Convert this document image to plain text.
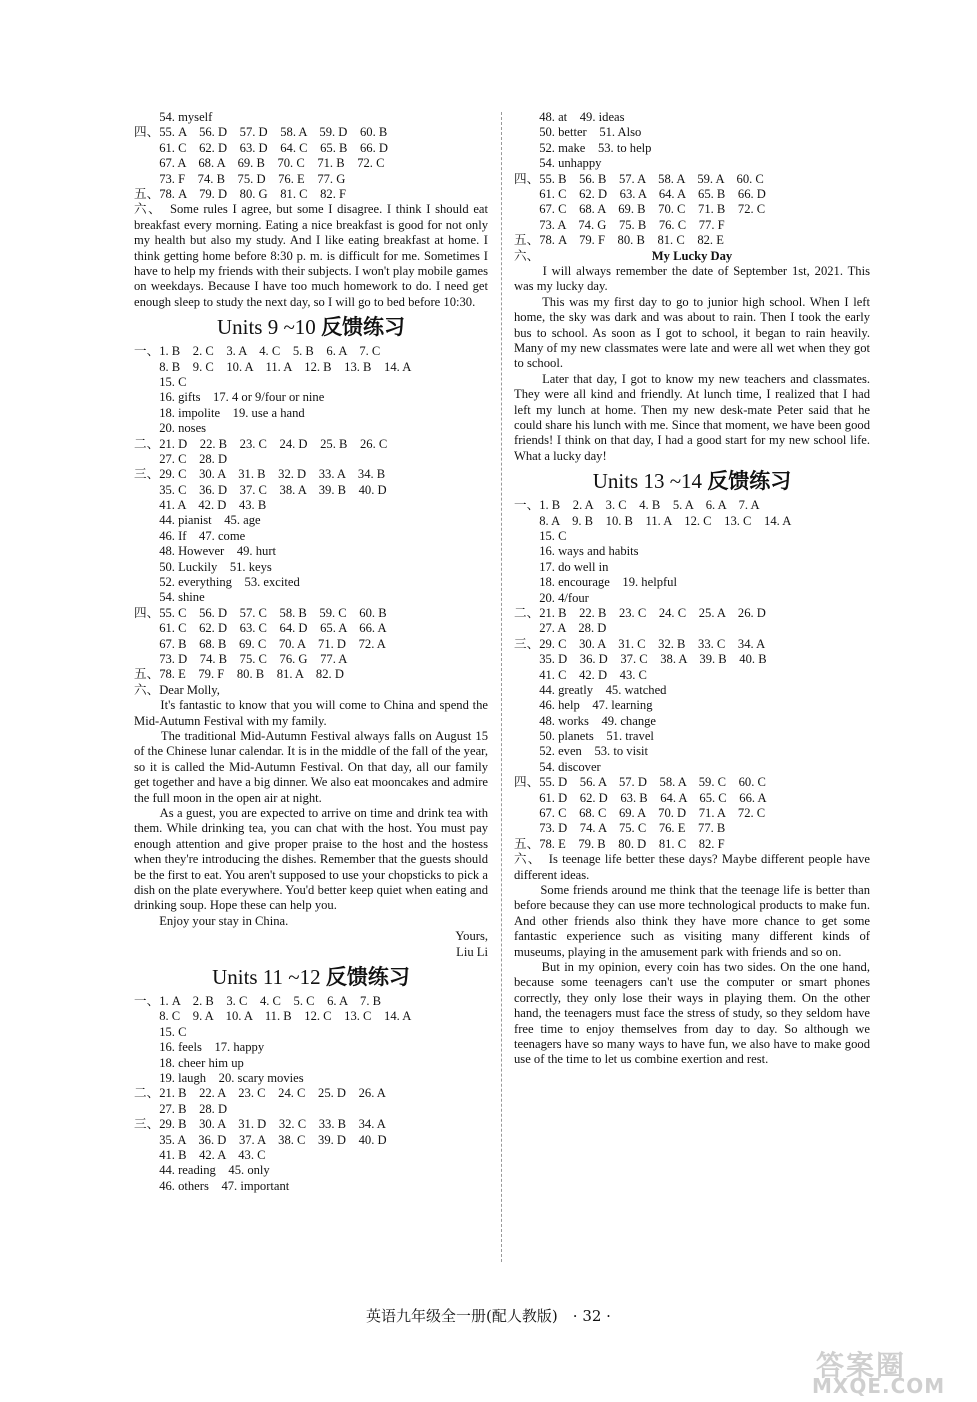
　　54. myself
四、55. A　56. D　57. D　58. A　59. D　60. B
　　61. C　62. D　63. D　64. C　65. B　66. D
　　67. A　68. A　69. B　70. C　71. B　72. C
　　73. F　74. B　75. D　76. E　77. G
五、78. A　79. D　80. G　81. C　82. F

六、　 Some rules I agree, but some I disagree. I think I should eat breakfast every morning. Eating a nice breakfast is good for not only my health but also my study. And I like eating breakfast at home. I think getting home before 8:30 p. m. is difficult for me. Sometimes I have to help my friends with their subjects. I won't play mobile games on weekdays. Because I have too much homework to do. I need get enough sleep to study the next day, so I will go to bed before 10:30.

Units 9 ~10 反馈练习
一、1. B　2. C　3. A　4. C　5. B　6. A　7. C
　　8. B　9. C　10. A　11. A　12. B　13. B　14. A
　　15. C
　　16. gifts　17. 4 or 9/four or nine
　　18. impolite　19. use a hand
　　20. noses
二、21. D　22. B　23. C　24. D　25. B　26. C
　　27. C　28. D
三、29. C　30. A　31. B　32. D　33. A　34. B
　　35. C　36. D　37. C　38. A　39. B　40. D
　　41. A　42. D　43. B
　　44. pianist　45. age
　　46. If　47. come
　　48. However　49. hurt
　　50. Luckily　51. keys
　　52. everything　53. excited
　　54. shine
四、55. C　56. D　57. C　58. B　59. C　60. B
　　61. C　62. D　63. C　64. D　65. A　66. A
　　67. B　68. B　69. C　70. A　71. D　72. A
　　73. D　74. B　75. C　76. G　77. A
五、78. E　79. F　80. B　81. A　82. D
六、Dear Molly,

　　It's fantastic to know that you will come to China and spend the Mid-Autumn Festival with my family.

　　The traditional Mid-Autumn Festival always falls on August 15 of the Chinese lunar calendar. It is in the middle of the fall of the year, so it is called the Mid-Autumn Festival. On that day, all our family get together and have a big dinner. We also eat mooncakes and admire the full moon in the open air at night.

　　As a guest, you are expected to arrive on time and drink tea with them. While drinking tea, you can chat with the host. You must pay enough attention and give proper praise to the host and the hostess when they're introducing the dishes. Remember that the guests should be the first to eat. You aren't supposed to use your chopsticks to pick a dish on the plate everywhere. You'd better keep quiet when eating and drinking soup. Hope these can help you.

　　Enjoy your stay in China.

Yours,
Liu Li
Units 11 ~12 反馈练习
一、1. A　2. B　3. C　4. C　5. C　6. A　7. B
　　8. C　9. A　10. A　11. B　12. C　13. C　14. A
　　15. C
　　16. feels　17. happy
　　18. cheer him up
　　19. laugh　20. scary movies
二、21. B　22. A　23. C　24. C　25. D　26. A
　　27. B　28. D
三、29. B　30. A　31. D　32. C　33. B　34. A
　　35. A　36. D　37. A　38. C　39. D　40. D
　　41. B　42. A　43. C
　　44. reading　45. only
　　46. others　47. important
　　48. at　49. ideas
　　50. better　51. Also
　　52. make　53. to help
　　54. unhappy
四、55. B　56. B　57. A　58. A　59. A　60. C
　　61. C　62. D　63. A　64. A　65. B　66. D
　　67. C　68. A　69. B　70. C　71. B　72. C
　　73. A　74. G　75. B　76. C　77. F
五、78. A　79. F　80. B　81. C　82. E
六、	My Lucky Day

　　I will always remember the date of September 1st, 2021. This was my lucky day.

　　This was my first day to go to junior high school. When I left home, the sky was dark and was about to rain. Then I took the early bus to school. As soon as I got to school, it began to rain heavily. Many of my new classmates were late and were all wet when they got to school.

　　Later that day, I got to know my new teachers and classmates. They were all kind and friendly. At lunch time, I realized that I had left my lunch at home. Then my new desk-mate Peter said that he could share his lunch with me. Since that moment, we have been good friends! I think on that day, I had a good start for my new school life. What a lucky day!

Units 13 ~14 反馈练习
一、1. B　2. A　3. C　4. B　5. A　6. A　7. A
　　8. A　9. B　10. B　11. A　12. C　13. C　14. A
　　15. C
　　16. ways and habits
　　17. do well in
　　18. encourage　19. helpful
　　20. 4/four
二、21. B　22. B　23. C　24. C　25. A　26. D
　　27. A　28. D
三、29. C　30. A　31. C　32. B　33. C　34. A
　　35. D　36. D　37. C　38. A　39. B　40. B
　　41. C　42. D　43. C
　　44. greatly　45. watched
　　46. help　47. learning
　　48. works　49. change
　　50. planets　51. travel
　　52. even　53. to visit
　　54. discover
四、55. D　56. A　57. D　58. A　59. C　60. C
　　61. D　62. D　63. B　64. A　65. C　66. A
　　67. C　68. C　69. A　70. D　71. A　72. C
　　73. D　74. A　75. C　76. E　77. B
五、78. E　79. B　80. D　81. C　82. F

六、　 Is teenage life better these days? Maybe different people have different ideas.

　　Some friends around me think that the teenage life is better than before because they can use more technological products to make fun. And other friends also think they have more chance to get some fantastic experience such as visiting many different kinds of museums, playing in the amusement park with friends and so on.

　　But in my opinion, every coin has two sides. On the one hand, because some teenagers can't use the computer or smart phones correctly, they only lose their ways in playing them. On the other hand, the teenagers must face the stress of study, so they seldom have free time to enjoy themselves from day to day. So although we teenagers have so many ways to have fun, we also have to make good use of the time to let us combine exertion and rest.

英语九年级全一册(配人教版)　 · 32 ·
答案圈
MXQE.COM
